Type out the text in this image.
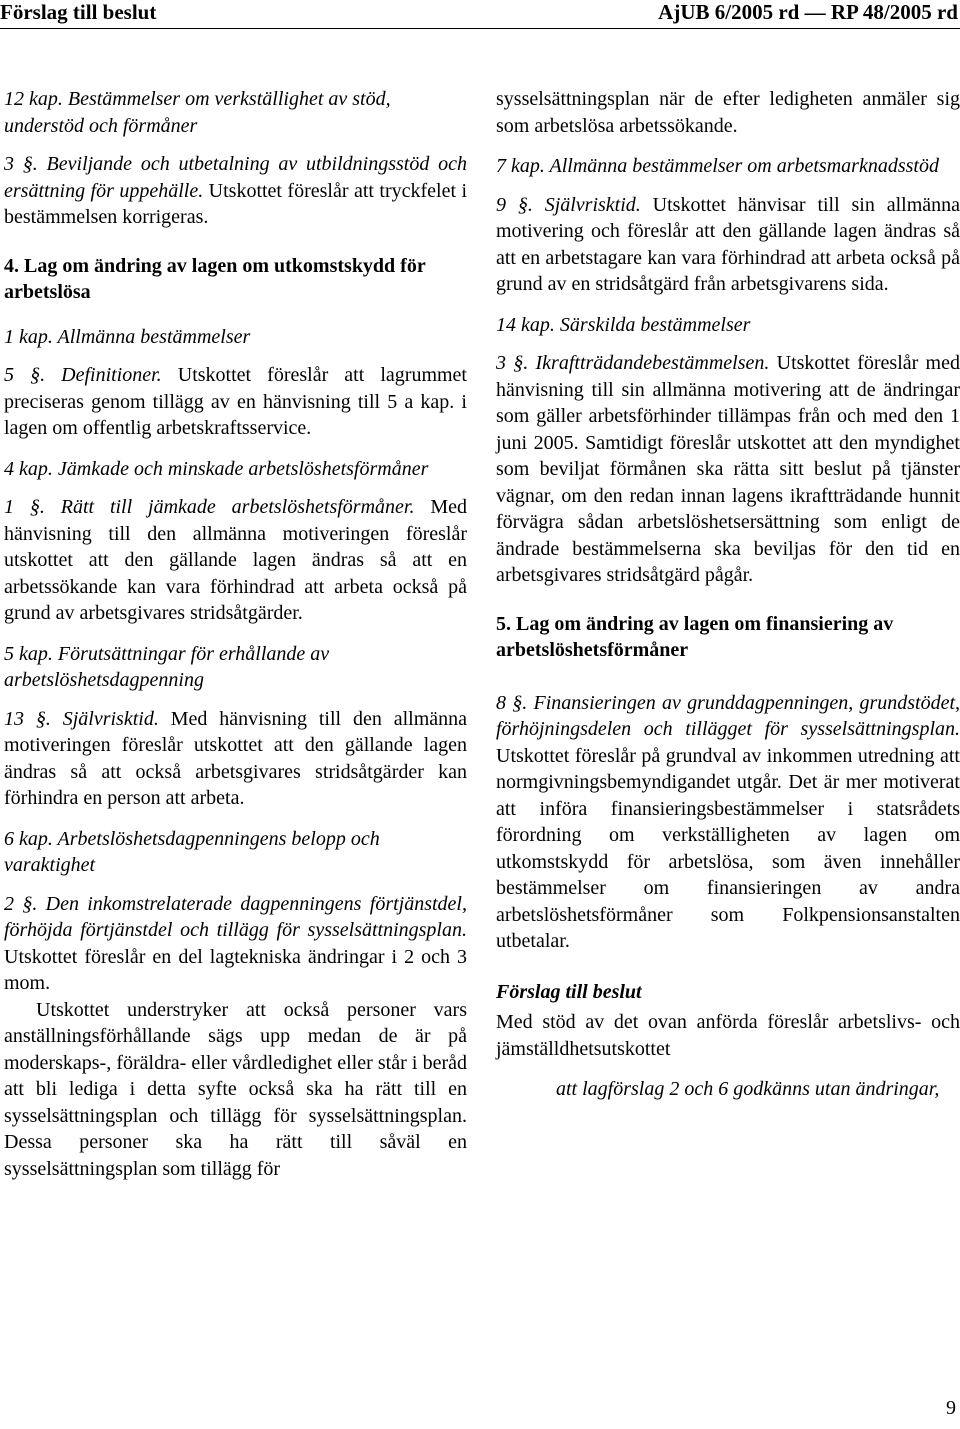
Förslag till beslut	AjUB 6/2005 rd — RP 48/2005 rd

12 kap. Bestämmelser om verkställighet av stöd, understöd och förmåner

3 §. Beviljande och utbetalning av utbildningsstöd och ersättning för uppehälle. Utskottet föreslår att tryckfelet i bestämmelsen korrigeras.

4. Lag om ändring av lagen om utkomstskydd för arbetslösa

1 kap. Allmänna bestämmelser

5 §. Definitioner. Utskottet föreslår att lagrummet preciseras genom tillägg av en hänvisning till 5 a kap. i lagen om offentlig arbetskraftsservice.

4 kap. Jämkade och minskade arbetslöshetsförmåner

1 §. Rätt till jämkade arbetslöshetsförmåner. Med hänvisning till den allmänna motiveringen föreslår utskottet att den gällande lagen ändras så att en arbetssökande kan vara förhindrad att arbeta också på grund av arbetsgivares stridsåtgärder.

5 kap. Förutsättningar för erhållande av arbetslöshetsdagpenning

13 §. Självrisktid. Med hänvisning till den allmänna motiveringen föreslår utskottet att den gällande lagen ändras så att också arbetsgivares stridsåtgärder kan förhindra en person att arbeta.

6 kap. Arbetslöshetsdagpenningens belopp och varaktighet

2 §. Den inkomstrelaterade dagpenningens förtjänstdel, förhöjda förtjänstdel och tillägg för sysselsättningsplan. Utskottet föreslår en del lagtekniska ändringar i 2 och 3 mom.

Utskottet understryker att också personer vars anställningsförhållande sägs upp medan de är på moderskaps-, föräldra- eller vårdledighet eller står i beråd att bli lediga i detta syfte också ska ha rätt till en sysselsättningsplan och tillägg för sysselsättningsplan. Dessa personer ska ha rätt till såväl en sysselsättningsplan som tillägg för

sysselsättningsplan när de efter ledigheten anmäler sig som arbetslösa arbetssökande.

7 kap. Allmänna bestämmelser om arbetsmarknadsstöd

9 §. Självrisktid. Utskottet hänvisar till sin allmänna motivering och föreslår att den gällande lagen ändras så att en arbetstagare kan vara förhindrad att arbeta också på grund av en stridsåtgärd från arbetsgivarens sida.

14 kap. Särskilda bestämmelser

3 §. Ikraftträdandebestämmelsen. Utskottet föreslår med hänvisning till sin allmänna motivering att de ändringar som gäller arbetsförhinder tillämpas från och med den 1 juni 2005. Samtidigt föreslår utskottet att den myndighet som beviljat förmånen ska rätta sitt beslut på tjänster vägnar, om den redan innan lagens ikraftträdande hunnit förvägra sådan arbetslöshetsersättning som enligt de ändrade bestämmelserna ska beviljas för den tid en arbetsgivares stridsåtgärd pågår.

5. Lag om ändring av lagen om finansiering av arbetslöshetsförmåner

8 §. Finansieringen av grunddagpenningen, grundstödet, förhöjningsdelen och tillägget för sysselsättningsplan. Utskottet föreslår på grundval av inkommen utredning att normgivningsbemyndigandet utgår. Det är mer motiverat att införa finansieringsbestämmelser i statsrådets förordning om verkställigheten av lagen om utkomstskydd för arbetslösa, som även innehåller bestämmelser om finansieringen av andra arbetslöshetsförmåner som Folkpensionsanstalten utbetalar.

Förslag till beslut

Med stöd av det ovan anförda föreslår arbetslivs- och jämställdhetsutskottet

att lagförslag 2 och 6 godkänns utan ändringar,

9
